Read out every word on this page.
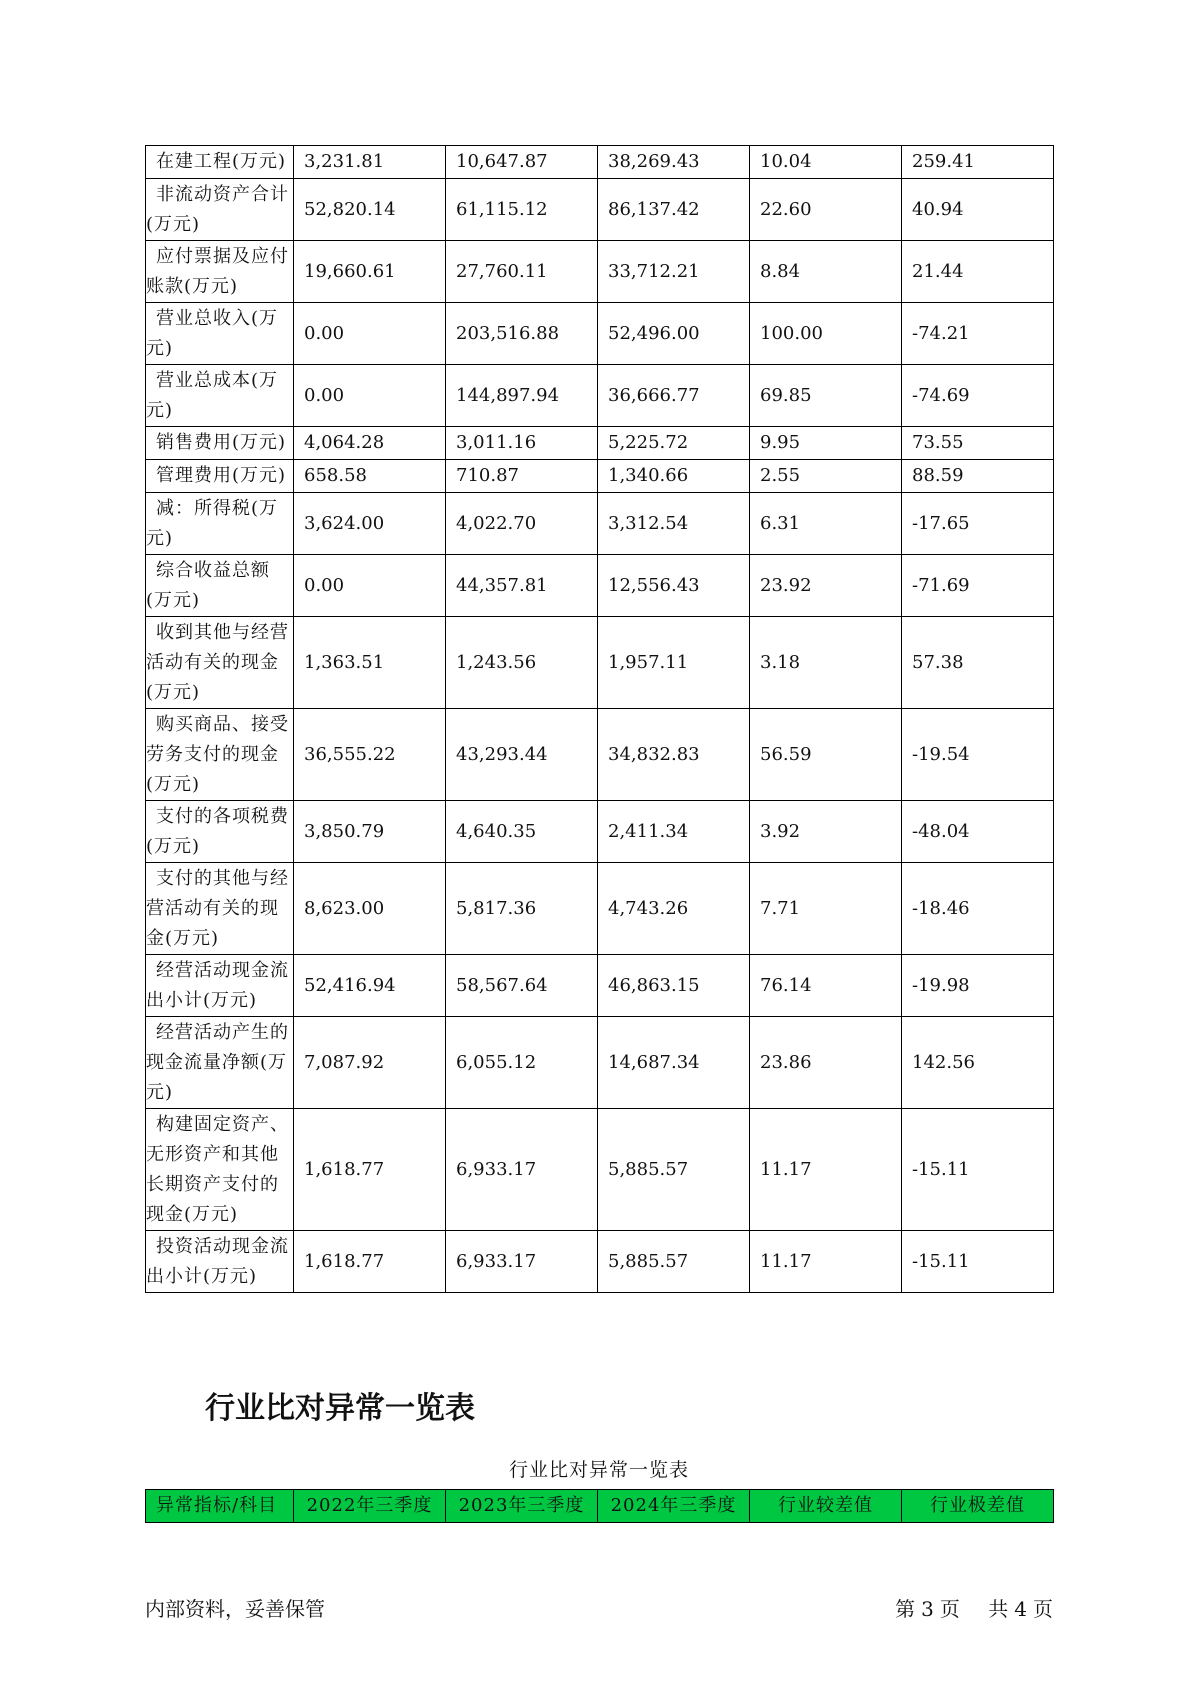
在建工程(万元)	3,231.81	10,647.87	38,269.43	10.04	259.41
非流动资产合计(万元)	52,820.14	61,115.12	86,137.42	22.60	40.94
应付票据及应付账款(万元)	19,660.61	27,760.11	33,712.21	8.84	21.44
营业总收入(万元)	0.00	203,516.88	52,496.00	100.00	-74.21
营业总成本(万元)	0.00	144,897.94	36,666.77	69.85	-74.69
销售费用(万元)	4,064.28	3,011.16	5,225.72	9.95	73.55
管理费用(万元)	658.58	710.87	1,340.66	2.55	88.59
减：所得税(万元)	3,624.00	4,022.70	3,312.54	6.31	-17.65
综合收益总额(万元)	0.00	44,357.81	12,556.43	23.92	-71.69
收到其他与经营活动有关的现金(万元)	1,363.51	1,243.56	1,957.11	3.18	57.38
购买商品、接受劳务支付的现金(万元)	36,555.22	43,293.44	34,832.83	56.59	-19.54
支付的各项税费(万元)	3,850.79	4,640.35	2,411.34	3.92	-48.04
支付的其他与经营活动有关的现金(万元)	8,623.00	5,817.36	4,743.26	7.71	-18.46
经营活动现金流出小计(万元)	52,416.94	58,567.64	46,863.15	76.14	-19.98
经营活动产生的现金流量净额(万元)	7,087.92	6,055.12	14,687.34	23.86	142.56
构建固定资产、无形资产和其他长期资产支付的现金(万元)	1,618.77	6,933.17	5,885.57	11.17	-15.11
投资活动现金流出小计(万元)	1,618.77	6,933.17	5,885.57	11.17	-15.11
行业比对异常一览表
行业比对异常一览表
异常指标/科目	2022年三季度	2023年三季度	2024年三季度	行业较差值	行业极差值
内部资料，妥善保管	第 3 页 共 4 页
